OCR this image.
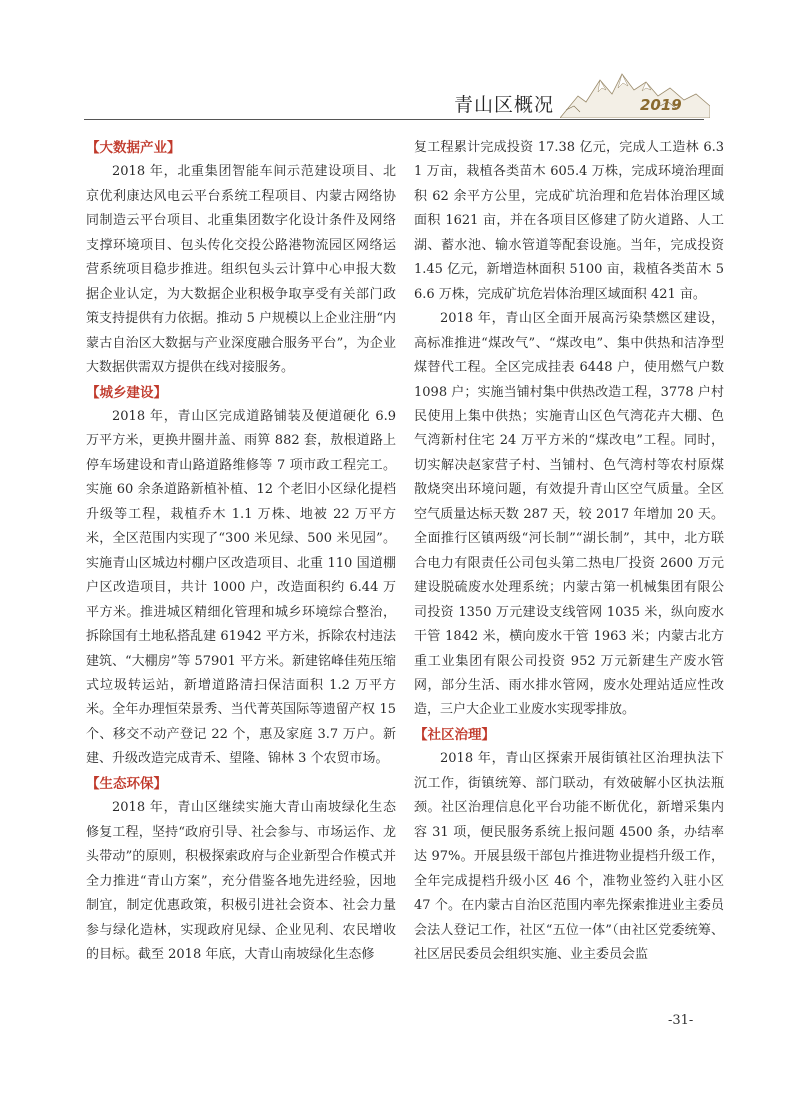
青山区概况	2019
【大数据产业】

2018 年，北重集团智能车间示范建设项目、北京优利康达风电云平台系统工程项目、内蒙古网络协同制造云平台项目、北重集团数字化设计条件及网络支撑环境项目、包头传化交投公路港物流园区网络运营系统项目稳步推进。组织包头云计算中心申报大数据企业认定，为大数据企业积极争取享受有关部门政策支持提供有力依据。推动 5 户规模以上企业注册“内蒙古自治区大数据与产业深度融合服务平台”，为企业大数据供需双方提供在线对接服务。

【城乡建设】

2018 年，青山区完成道路铺装及便道硬化 6.9 万平方米，更换井圈井盖、雨箅 882 套，敖根道路上停车场建设和青山路道路维修等 7 项市政工程完工。实施 60 余条道路新植补植、12 个老旧小区绿化提档升级等工程，栽植乔木 1.1 万株、地被 22 万平方米，全区范围内实现了“300 米见绿、500 米见园”。实施青山区城边村棚户区改造项目、北重 110 国道棚户区改造项目，共计 1000 户，改造面积约 6.44 万平方米。推进城区精细化管理和城乡环境综合整治，拆除国有土地私搭乱建 61942 平方米，拆除农村违法建筑、“大棚房”等 57901 平方米。新建铭峰佳苑压缩式垃圾转运站，新增道路清扫保洁面积 1.2 万平方米。全年办理恒荣景秀、当代菁英国际等遗留产权 15 个、移交不动产登记 22 个，惠及家庭 3.7 万户。新建、升级改造完成青禾、望隆、锦林 3 个农贸市场。

【生态环保】

2018 年，青山区继续实施大青山南坡绿化生态修复工程，坚持“政府引导、社会参与、市场运作、龙头带动”的原则，积极探索政府与企业新型合作模式并全力推进“青山方案”，充分借鉴各地先进经验，因地制宜，制定优惠政策，积极引进社会资本、社会力量参与绿化造林，实现政府见绿、企业见利、农民增收的目标。截至 2018 年底，大青山南坡绿化生态修

复工程累计完成投资 17.38 亿元，完成人工造林 6.31 万亩，栽植各类苗木 605.4 万株，完成环境治理面积 62 余平方公里，完成矿坑治理和危岩体治理区域面积 1621 亩，并在各项目区修建了防火道路、人工湖、蓄水池、输水管道等配套设施。当年，完成投资 1.45 亿元，新增造林面积 5100 亩，栽植各类苗木 56.6 万株，完成矿坑危岩体治理区域面积 421 亩。

2018 年，青山区全面开展高污染禁燃区建设，高标准推进“煤改气”、“煤改电”、集中供热和洁净型煤替代工程。全区完成挂表 6448 户，使用燃气户数 1098 户；实施当铺村集中供热改造工程，3778 户村民使用上集中供热；实施青山区色气湾花卉大棚、色气湾新村住宅 24 万平方米的“煤改电”工程。同时，切实解决赵家营子村、当铺村、色气湾村等农村原煤散烧突出环境问题，有效提升青山区空气质量。全区空气质量达标天数 287 天，较 2017 年增加 20 天。全面推行区镇两级“河长制”“湖长制”，其中，北方联合电力有限责任公司包头第二热电厂投资 2600 万元建设脱硫废水处理系统；内蒙古第一机械集团有限公司投资 1350 万元建设支线管网 1035 米，纵向废水干管 1842 米，横向废水干管 1963 米；内蒙古北方重工业集团有限公司投资 952 万元新建生产废水管网，部分生活、雨水排水管网，废水处理站适应性改造，三户大企业工业废水实现零排放。

【社区治理】

2018 年，青山区探索开展街镇社区治理执法下沉工作，街镇统筹、部门联动，有效破解小区执法瓶颈。社区治理信息化平台功能不断优化，新增采集内容 31 项，便民服务系统上报问题 4500 条，办结率达 97%。开展县级干部包片推进物业提档升级工作，全年完成提档升级小区 46 个，准物业签约入驻小区 47 个。在内蒙古自治区范围内率先探索推进业主委员会法人登记工作，社区“五位一体”（由社区党委统筹、社区居民委员会组织实施、业主委员会监

-31-
